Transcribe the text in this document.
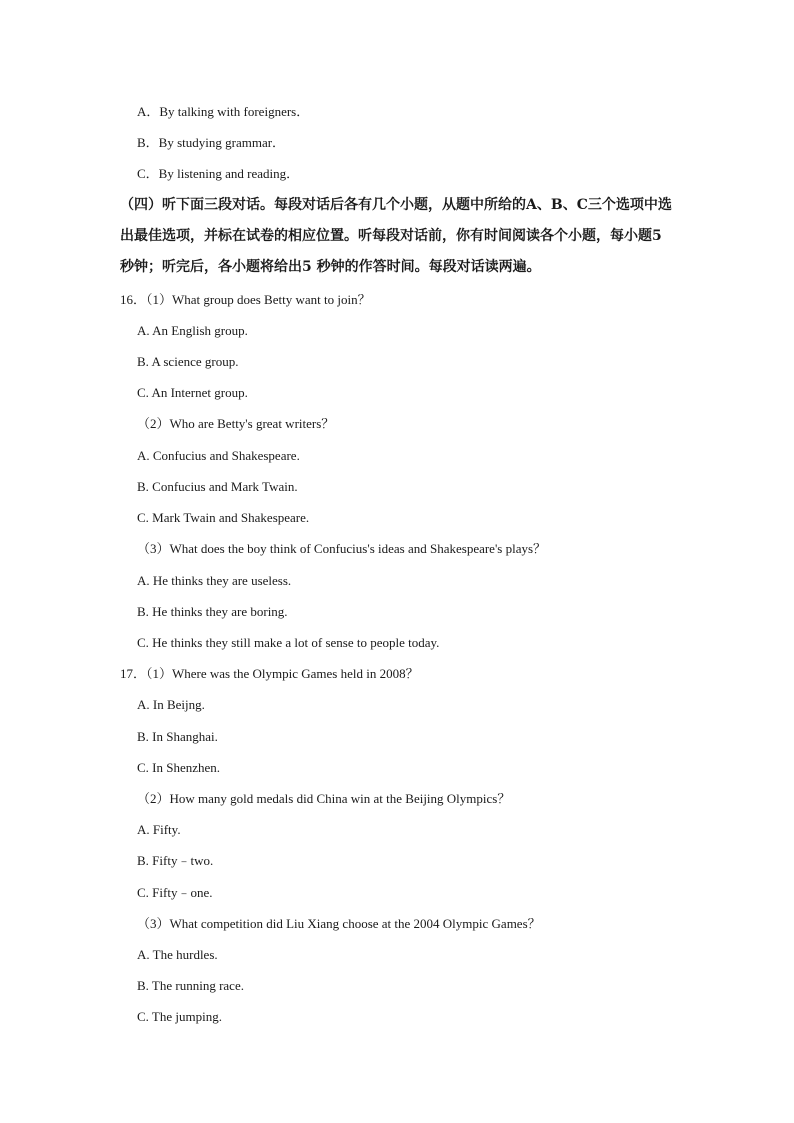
A．By talking with foreigners．
B．By studying grammar．
C．By listening and reading．
（四）听下面三段对话。每段对话后各有几个小题，从题中所给的A、B、C三个选项中选
出最佳选项，并标在试卷的相应位置。听每段对话前，你有时间阅读各个小题，每小题5
秒钟；听完后，各小题将给出5 秒钟的作答时间。每段对话读两遍。
16．（1）What group does Betty want to join？
A. An English group.
B. A science group.
C. An Internet group.
（2）Who are Betty's great writers？
A. Confucius and Shakespeare.
B. Confucius and Mark Twain.
C. Mark Twain and Shakespeare.
（3）What does the boy think of Confucius's ideas and Shakespeare's plays？
A. He thinks they are useless.
B. He thinks they are boring.
C. He thinks they still make a lot of sense to people today.
17．（1）Where was the Olympic Games held in 2008？
A. In Beijng.
B. In Shanghai.
C. In Shenzhen.
（2）How many gold medals did China win at the Beijing Olympics？
A. Fifty.
B. Fifty﹣two.
C. Fifty﹣one.
（3）What competition did Liu Xiang choose at the 2004 Olympic Games？
A. The hurdles.
B. The running race.
C. The jumping.
